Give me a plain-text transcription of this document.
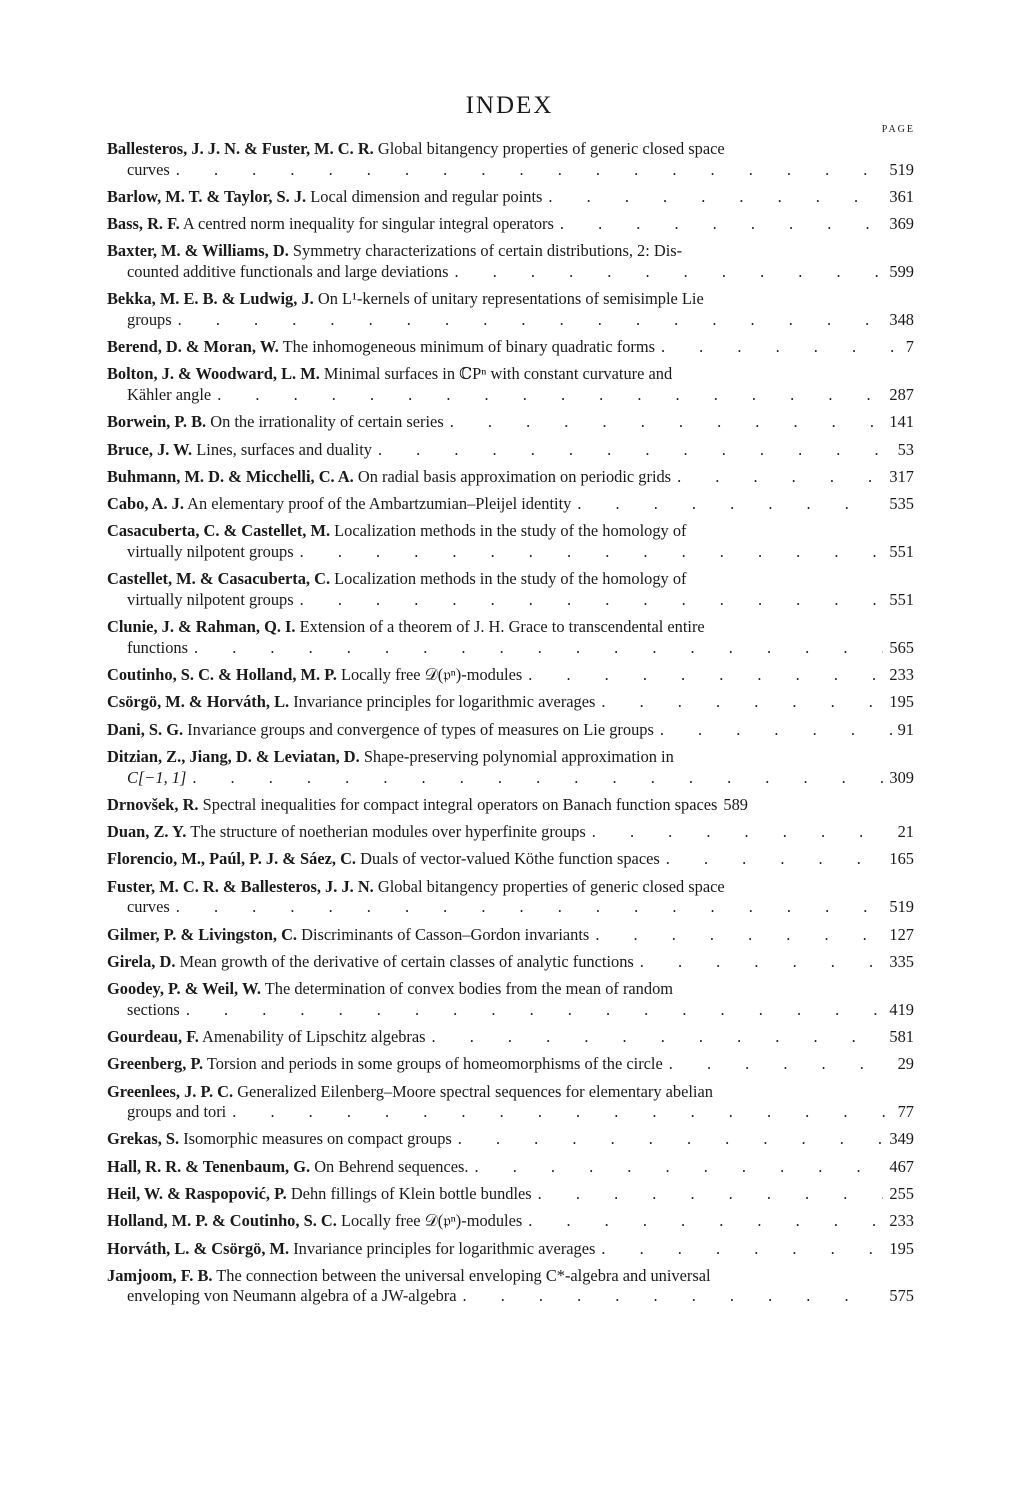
INDEX
PAGE
Ballesteros, J. J. N. & Fuster, M. C. R. Global bitangency properties of generic closed space
curves . . .	519
Barlow, M. T. & Taylor, S. J. Local dimension and regular points . . .	361
Bass, R. F. A centred norm inequality for singular integral operators . . .	369
Baxter, M. & Williams, D. Symmetry characterizations of certain distributions, 2: Dis-
counted additive functionals and large deviations . . .	599
Bekka, M. E. B. & Ludwig, J. On L¹-kernels of unitary representations of semisimple Lie
groups . . .	348
Berend, D. & Moran, W. The inhomogeneous minimum of binary quadratic forms . . .	7
Bolton, J. & Woodward, L. M. Minimal surfaces in ℂPⁿ with constant curvature and
Kähler angle . . .	287
Borwein, P. B. On the irrationality of certain series . . .	141
Bruce, J. W. Lines, surfaces and duality . . .	53
Buhmann, M. D. & Micchelli, C. A. On radial basis approximation on periodic grids . . .	317
Cabo, A. J. An elementary proof of the Ambartzumian–Pleijel identity . . .	535
Casacuberta, C. & Castellet, M. Localization methods in the study of the homology of
virtually nilpotent groups . . .	551
Castellet, M. & Casacuberta, C. Localization methods in the study of the homology of
virtually nilpotent groups . . .	551
Clunie, J. & Rahman, Q. I. Extension of a theorem of J. H. Grace to transcendental entire
functions . . .	565
Coutinho, S. C. & Holland, M. P. Locally free 𝒟(𝔭ⁿ)-modules . . .	233
Csörgö, M. & Horváth, L. Invariance principles for logarithmic averages . . .	195
Dani, S. G. Invariance groups and convergence of types of measures on Lie groups . . .	91
Ditzian, Z., Jiang, D. & Leviatan, D. Shape-preserving polynomial approximation in
C[−1, 1] . . .	309
Drnovšek, R. Spectral inequalities for compact integral operators on Banach function spaces 589
Duan, Z. Y. The structure of noetherian modules over hyperfinite groups . . .	21
Florencio, M., Paúl, P. J. & Sáez, C. Duals of vector-valued Köthe function spaces . . .	165
Fuster, M. C. R. & Ballesteros, J. J. N. Global bitangency properties of generic closed space
curves . . .	519
Gilmer, P. & Livingston, C. Discriminants of Casson–Gordon invariants . . .	127
Girela, D. Mean growth of the derivative of certain classes of analytic functions . . .	335
Goodey, P. & Weil, W. The determination of convex bodies from the mean of random
sections . . .	419
Gourdeau, F. Amenability of Lipschitz algebras . . .	581
Greenberg, P. Torsion and periods in some groups of homeomorphisms of the circle . . .	29
Greenlees, J. P. C. Generalized Eilenberg–Moore spectral sequences for elementary abelian
groups and tori . . .	77
Grekas, S. Isomorphic measures on compact groups . . .	349
Hall, R. R. & Tenenbaum, G. On Behrend sequences. . . .	467
Heil, W. & Raspopović, P. Dehn fillings of Klein bottle bundles . . .	255
Holland, M. P. & Coutinho, S. C. Locally free 𝒟(𝔭ⁿ)-modules . . .	233
Horváth, L. & Csörgö, M. Invariance principles for logarithmic averages . . .	195
Jamjoom, F. B. The connection between the universal enveloping C*-algebra and universal
enveloping von Neumann algebra of a JW-algebra . . .	575
